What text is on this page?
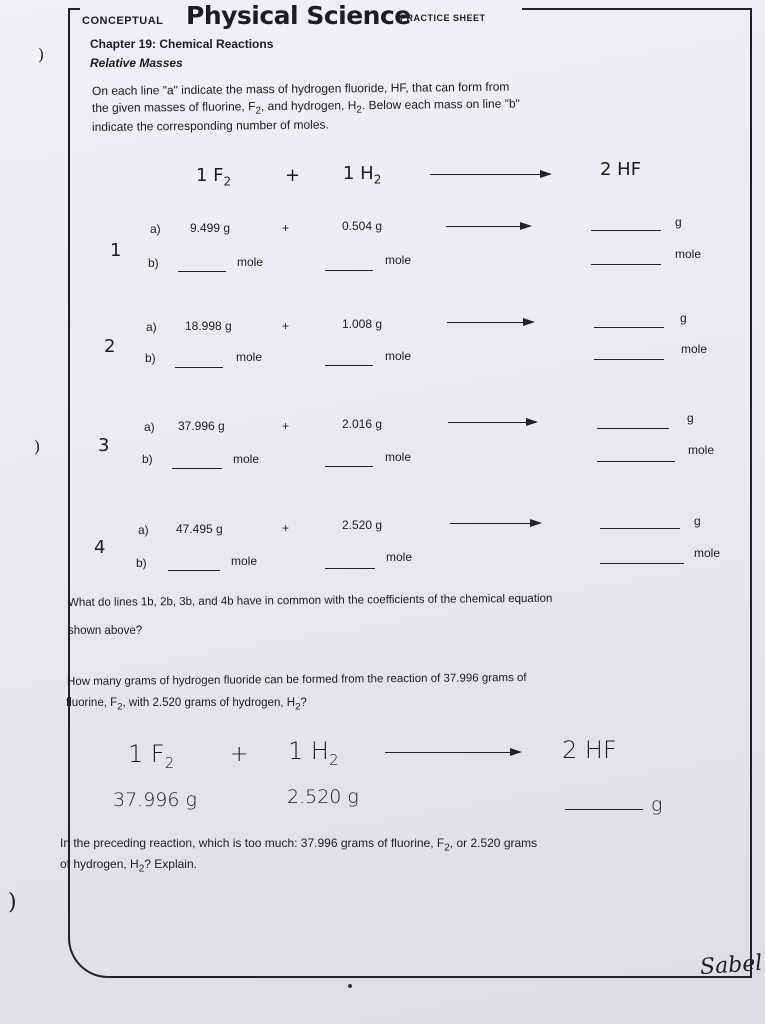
CONCEPTUAL Physical Science
PRACTICE SHEET
Chapter 19: Chemical Reactions
Relative Masses
On each line "a" indicate the mass of hydrogen fluoride, HF, that can form from
the given masses of fluorine, $F_2$, and hydrogen, $H_2$. Below each mass on line "b"
indicate the corresponding number of moles.
1 $F_2$	+ 1 $H_2$	2 HF
a) 9.499 g	+	0.504 g	g
1
b)	mole	mole	mole
a) 18.998 g	+	1.008 g	g
2
b)	mole	mole	mole
a) 37.996 g	+	2.016 g	g
3
b)	mole	mole	mole
a) 47.495 g	+	2.520 g	g
4
b)	mole	mole	mole
What do lines 1b, 2b, 3b, and 4b have in common with the coefficients of the chemical equation
shown above?
How many grams of hydrogen fluoride can be formed from the reaction of 37.996 grams of
fluorine, $F_2$, with 2.520 grams of hydrogen, $H_2$?
1 $F_2$	+ 1 $H_2$	2 HF
37.996 g	2.520 g	g
In the preceding reaction, which is too much: 37.996 grams of fluorine, $F_2$, or 2.520 grams
of hydrogen, $H_2$? Explain.
)
)
)
Sabel
